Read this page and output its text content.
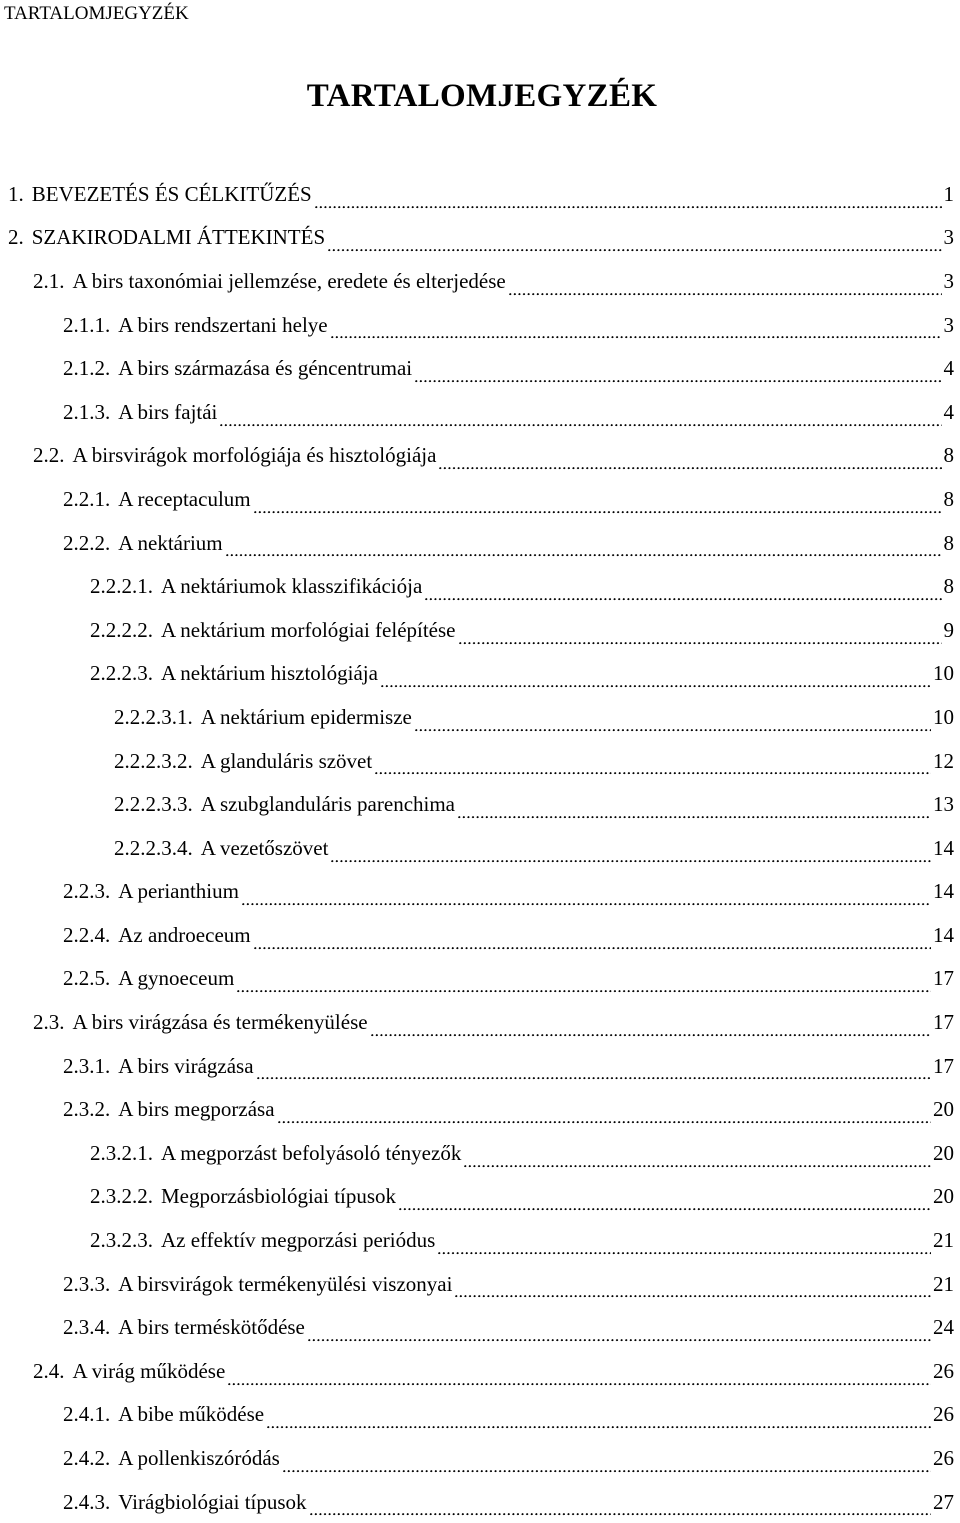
TARTALOMJEGYZÉK
TARTALOMJEGYZÉK
1. BEVEZETÉS ÉS CÉLKITŰZÉS	1
2. SZAKIRODALMI ÁTTEKINTÉS	3
2.1. A birs taxonómiai jellemzése, eredete és elterjedése	3
2.1.1. A birs rendszertani helye	3
2.1.2. A birs származása és géncentrumai	4
2.1.3. A birs fajtái	4
2.2. A birsvirágok morfológiája és hisztológiája	8
2.2.1. A receptaculum	8
2.2.2. A nektárium	8
2.2.2.1. A nektáriumok klasszifikációja	8
2.2.2.2. A nektárium morfológiai felépítése	9
2.2.2.3. A nektárium hisztológiája	10
2.2.2.3.1. A nektárium epidermisze	10
2.2.2.3.2. A glanduláris szövet	12
2.2.2.3.3. A szubglanduláris parenchima	13
2.2.2.3.4. A vezetőszövet	14
2.2.3. A perianthium	14
2.2.4. Az androeceum	14
2.2.5. A gynoeceum	17
2.3. A birs virágzása és termékenyülése	17
2.3.1. A birs virágzása	17
2.3.2. A birs megporzása	20
2.3.2.1. A megporzást befolyásoló tényezők	20
2.3.2.2. Megporzásbiológiai típusok	20
2.3.2.3. Az effektív megporzási periódus	21
2.3.3. A birsvirágok termékenyülési viszonyai	21
2.3.4. A birs terméskötődése	24
2.4. A virág működése	26
2.4.1. A bibe működése	26
2.4.2. A pollenkiszóródás	26
2.4.3. Virágbiológiai típusok	27
